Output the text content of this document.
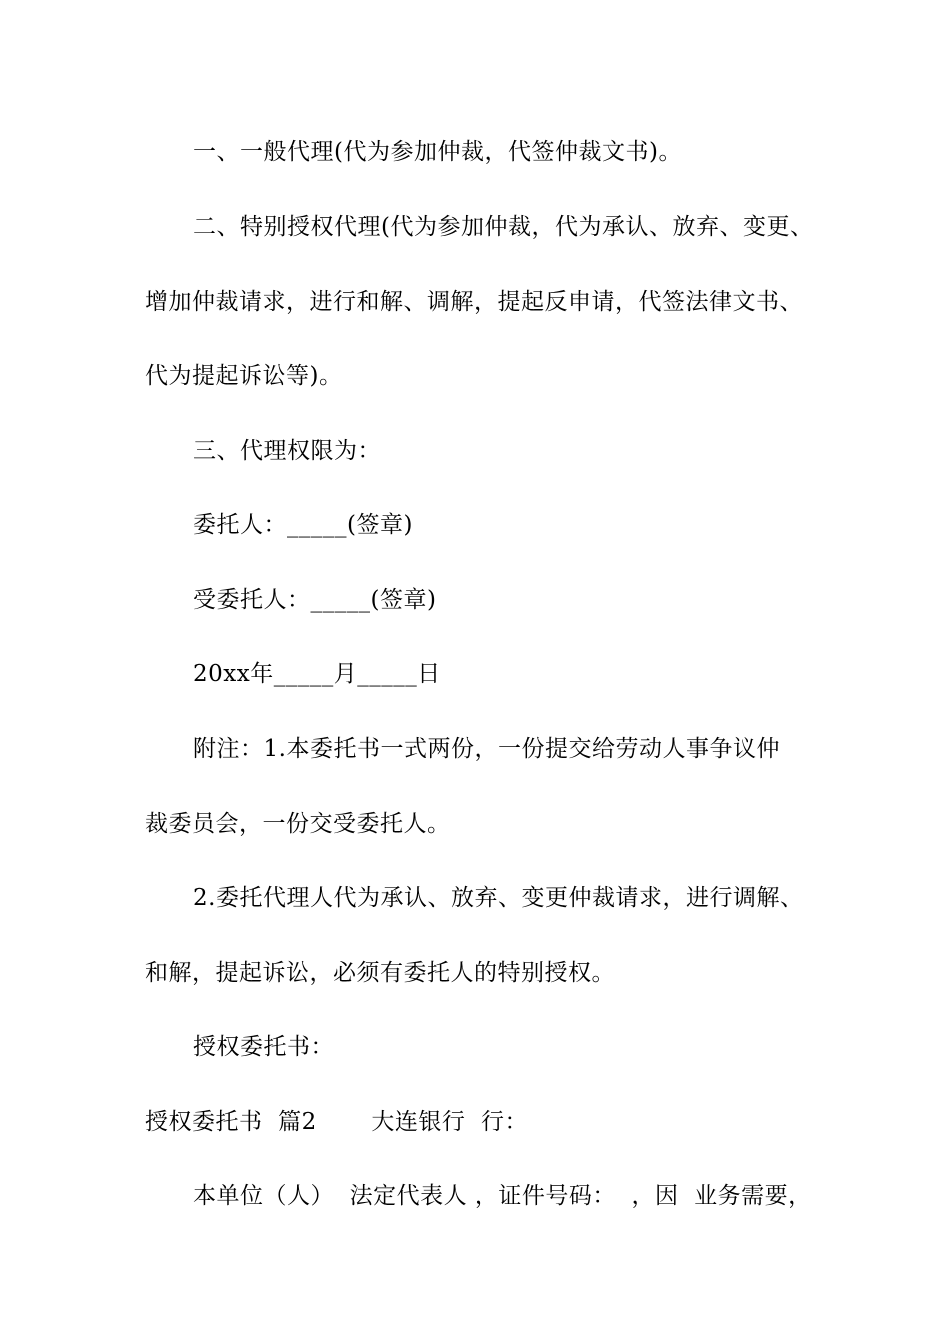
一、一般代理(代为参加仲裁，代签仲裁文书)。
二、特别授权代理(代为参加仲裁，代为承认、放弃、变更、
增加仲裁请求，进行和解、调解，提起反申请，代签法律文书、
代为提起诉讼等)。
三、代理权限为：
委托人：_____(签章)
受委托人：_____(签章)
20xx年_____月_____日
附注：1.本委托书一式两份，一份提交给劳动人事争议仲
裁委员会，一份交受委托人。
2.委托代理人代为承认、放弃、变更仲裁请求，进行调解、
和解，提起诉讼，必须有委托人的特别授权。
授权委托书：
授权委托书  篇2       大连银行  行：
本单位（人）  法定代表人 ，证件号码：  ，因  业务需要，
